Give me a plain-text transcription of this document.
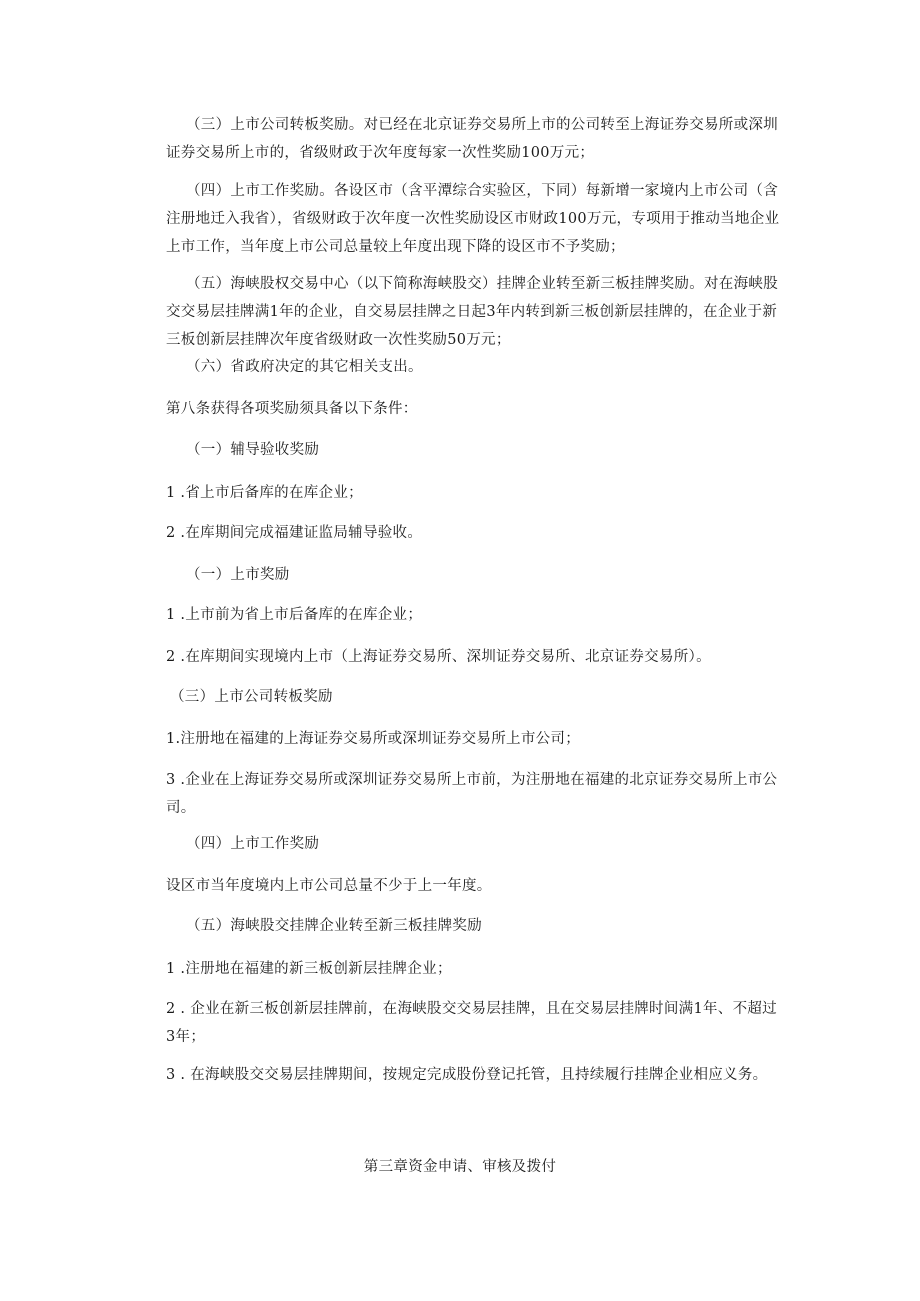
（三）上市公司转板奖励。对已经在北京证券交易所上市的公司转至上海证券交易所或深圳证券交易所上市的，省级财政于次年度每家一次性奖励100万元；

（四）上市工作奖励。各设区市（含平潭综合实验区，下同）每新增一家境内上市公司（含注册地迁入我省），省级财政于次年度一次性奖励设区市财政100万元，专项用于推动当地企业上市工作，当年度上市公司总量较上年度出现下降的设区市不予奖励；

（五）海峡股权交易中心（以下简称海峡股交）挂牌企业转至新三板挂牌奖励。对在海峡股交交易层挂牌满1年的企业，自交易层挂牌之日起3年内转到新三板创新层挂牌的，在企业于新三板创新层挂牌次年度省级财政一次性奖励50万元；

（六）省政府决定的其它相关支出。

第八条获得各项奖励须具备以下条件：

（一）辅导验收奖励

1 .省上市后备库的在库企业；

2 .在库期间完成福建证监局辅导验收。

（一）上市奖励

1 .上市前为省上市后备库的在库企业；

2 .在库期间实现境内上市（上海证券交易所、深圳证券交易所、北京证券交易所）。

（三）上市公司转板奖励

1.注册地在福建的上海证券交易所或深圳证券交易所上市公司；

3 .企业在上海证券交易所或深圳证券交易所上市前，为注册地在福建的北京证券交易所上市公司。

（四）上市工作奖励

设区市当年度境内上市公司总量不少于上一年度。

（五）海峡股交挂牌企业转至新三板挂牌奖励

1 .注册地在福建的新三板创新层挂牌企业；

2 . 企业在新三板创新层挂牌前，在海峡股交交易层挂牌，且在交易层挂牌时间满1年、不超过3年；

3 . 在海峡股交交易层挂牌期间，按规定完成股份登记托管，且持续履行挂牌企业相应义务。

第三章资金申请、审核及拨付
